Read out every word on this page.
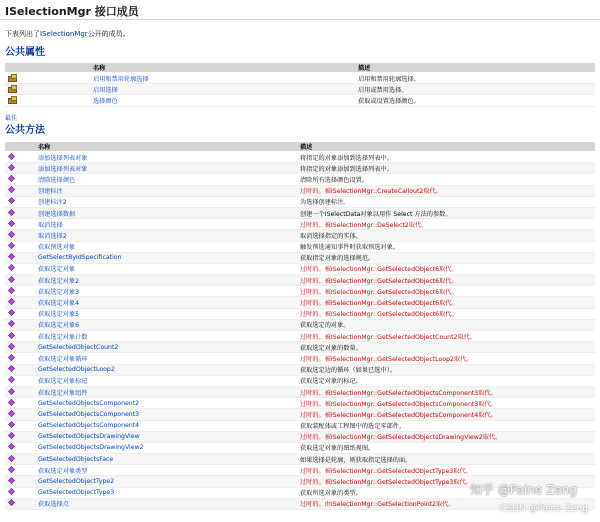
ISelectionMgr 接口成员
下表列出了ISelectionMgr公开的成员。
公共属性
	名称	描述
	启用和禁用轮廓选择	启用和禁用轮廓选择。
	启用选择	启用或禁用选择。
	选择颜色	获取或设置选择颜色。
最佳
公共方法
	名称	描述
	添加选择列表对象	将指定的对象添加到选择列表中。
	添加选择列表对象	将指定的对象添加到选择列表中。
	清除选择颜色	清除所有选择颜色设置。
	创建标注	过时的。被ISelectionMgr::CreateCallout2取代。
	创建标注2	为选择创建标注。
	创建选择数据	创建一个ISelectData对象以用作 Select 方法的参数。
	取消选择	过时的。被ISelectionMgr::DeSelect2取代。
	取消选择2	取消选择指定的实体。
	获取预选对象	触发预选通知事件时获取预选对象。
	GetSelectByIdSpecification	获取指定对象的选择规范。
	获取选定对象	过时的。被ISelectionMgr::GetSelectedObject6取代。
	获取选定对象2	过时的。被ISelectionMgr::GetSelectedObject6取代。
	获取选定对象3	过时的。被ISelectionMgr::GetSelectedObject6取代。
	获取选定对象4	过时的。被ISelectionMgr::GetSelectedObject6取代。
	获取选定对象5	过时的。被ISelectionMgr::GetSelectedObject6取代。
	获取选定对象6	获取选定的对象。
	获取选定对象计数	过时的。被ISelectionMgr::GetSelectedObjectCount2取代。
	GetSelectedObjectCount2	获取选定对象的数量。
	获取选定对象循环	过时的。被ISelectionMgr::GetSelectedObjectLoop2取代。
	GetSelectedObjectLoop2	获取选定边的循环（如果已选中）。
	获取选定对象标记	获取选定对象的标记。
	获取选定对象组件	过时的。被ISelectionMgr::GetSelectedObjectsComponent3取代。
	GetSelectedObjectsComponent2	过时的。被ISelectionMgr::GetSelectedObjectsComponent3取代。
	GetSelectedObjectsComponent3	过时的。被ISelectionMgr::GetSelectedObjectsComponent4取代。
	GetSelectedObjectsComponent4	获取装配体或工程图中的选定零部件。
	GetSelectedObjectsDrawingView	过时的。被ISelectionMgr::GetSelectedObjectsDrawingView2取代。
	GetSelectedObjectsDrawingView2	获取选定对象的图纸视图。
	GetSelectedObjectsFace	如果选择是轮廓，则获取指定选择的面。
	获取选定对象类型	过时的。被ISelectionMgr::GetSelectedObjectType3取代。
	GetSelectedObjectType2	过时的。被ISelectionMgr::GetSelectedObjectType3取代。
	GetSelectedObjectType3	获取所选对象的类型。
	获取选择点	过时的。由ISelectionMgr::GetSelectionPoint2取代。
知乎 @Paine Zeng
CSDN @Paine Zeng
